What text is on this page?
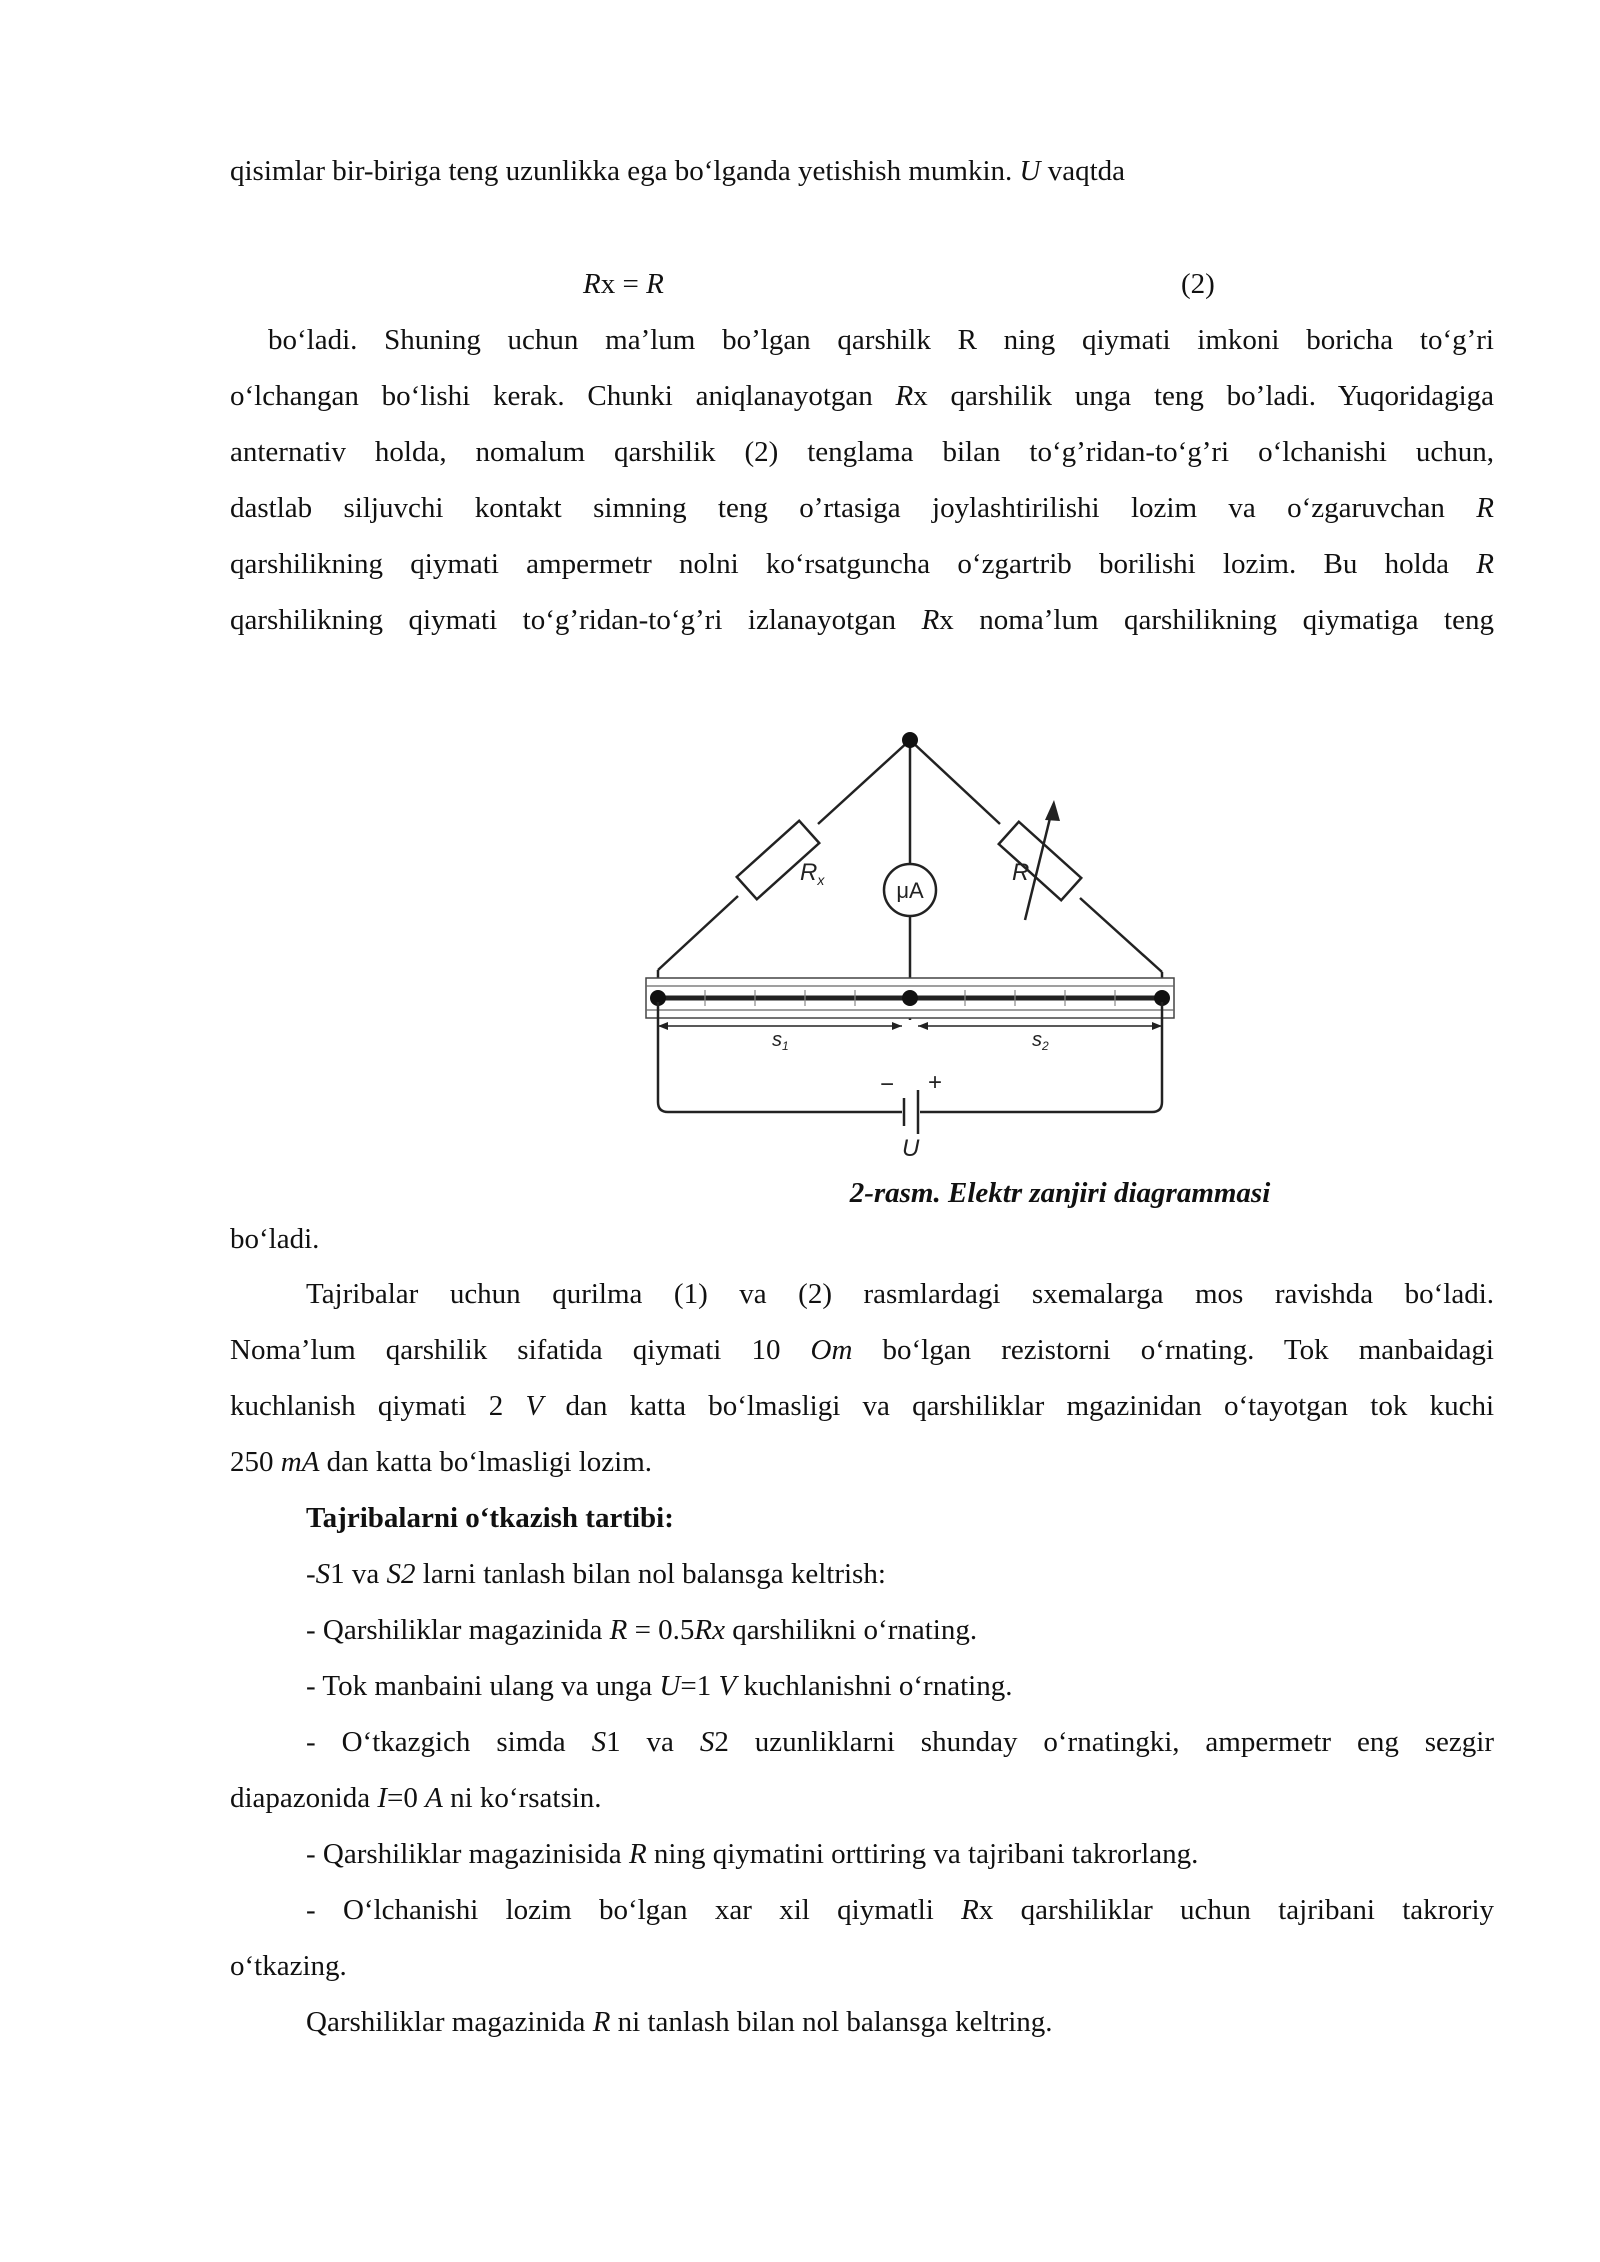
qisimlar bir-biriga teng uzunlikka ega bo‘lganda yetishish mumkin. U vaqtda
Rx = R	(2)
bo‘ladi. Shuning uchun ma’lum bo’lgan qarshilk R ning qiymati imkoni boricha to‘g’ri
o‘lchangan bo‘lishi kerak. Chunki aniqlanayotgan Rx qarshilik unga teng bo’ladi. Yuqoridagiga
anternativ holda, nomalum qarshilik (2) tenglama bilan to‘g’ridan-to‘g’ri o‘lchanishi uchun,
dastlab siljuvchi kontakt simning teng o’rtasiga joylashtirilishi lozim va o‘zgaruvchan R
qarshilikning qiymati ampermetr nolni ko‘rsatguncha o‘zgartrib borilishi lozim. Bu holda R
qarshilikning qiymati to‘g’ridan-to‘g’ri izlanayotgan Rx noma’lum qarshilikning qiymatiga teng
μA
$R_x$	R
$s_1$	$s_2$
− +
U
2-rasm. Elektr zanjiri diagrammasi
bo‘ladi.
Tajribalar uchun qurilma (1) va (2) rasmlardagi sxemalarga mos ravishda bo‘ladi.
Noma’lum qarshilik sifatida qiymati 10 Om bo‘lgan rezistorni o‘rnating. Tok manbaidagi
kuchlanish qiymati 2 V dan katta bo‘lmasligi va qarshiliklar mgazinidan o‘tayotgan tok kuchi
250 mA dan katta bo‘lmasligi lozim.
Tajribalarni o‘tkazish tartibi:
-S1 va S2 larni tanlash bilan nol balansga keltrish:
- Qarshiliklar magazinida R = 0.5Rx qarshilikni o‘rnating.
- Tok manbaini ulang va unga U=1 V kuchlanishni o‘rnating.
- O‘tkazgich simda S1 va S2 uzunliklarni shunday o‘rnatingki, ampermetr eng sezgir
diapazonida I=0 A ni ko‘rsatsin.
- Qarshiliklar magazinisida R ning qiymatini orttiring va tajribani takrorlang.
- O‘lchanishi lozim bo‘lgan xar xil qiymatli Rx qarshiliklar uchun tajribani takroriy
o‘tkazing.
Qarshiliklar magazinida R ni tanlash bilan nol balansga keltring.
